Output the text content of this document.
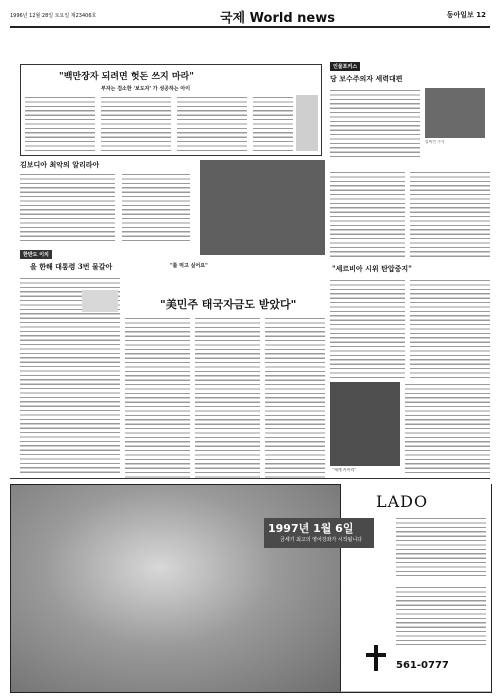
1996년 12월 28일 토요일 제23406호	국제 World news	동아일보 12
"백만장자 되려면 헛돈 쓰지 마라"
부자는 검소한 '보도자' 가 성공하는 아이
인물포커스
당 보수주의자 세력대편
장쩌민 주석
김보디아 최악의 알리라아
한반도 이치
을 한해 대통령 3번 물갈아	"를 먹고 싶어요"
"美민주 태국자금도 받았다"
"세르비아 시위 탄압중지"
"세계 카이라"
1997년 1월 6일
금세기 최고의 영어강좌가 시작됩니다
LADO
561-0777
